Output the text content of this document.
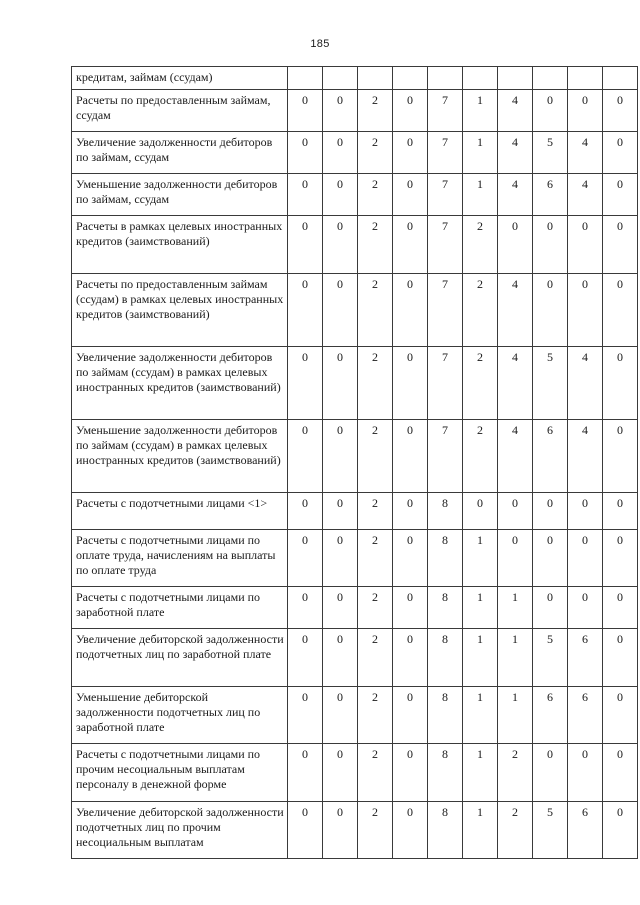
185
кредитам, займам (ссудам)										
Расчеты по предоставленным займам, ссудам	0	0	2	0	7	1	4	0	0	0
Увеличение задолженности дебиторов по займам, ссудам	0	0	2	0	7	1	4	5	4	0
Уменьшение задолженности дебиторов по займам, ссудам	0	0	2	0	7	1	4	6	4	0
Расчеты в рамках целевых иностранных кредитов (заимствований)	0	0	2	0	7	2	0	0	0	0
Расчеты по предоставленным займам (ссудам) в рамках целевых иностранных кредитов (заимствований)	0	0	2	0	7	2	4	0	0	0
Увеличение задолженности дебиторов по займам (ссудам) в рамках целевых иностранных кредитов (заимствований)	0	0	2	0	7	2	4	5	4	0
Уменьшение задолженности дебиторов по займам (ссудам) в рамках целевых иностранных кредитов (заимствований)	0	0	2	0	7	2	4	6	4	0
Расчеты с подотчетными лицами <1>	0	0	2	0	8	0	0	0	0	0
Расчеты с подотчетными лицами по оплате труда, начислениям на выплаты по оплате труда	0	0	2	0	8	1	0	0	0	0
Расчеты с подотчетными лицами по заработной плате	0	0	2	0	8	1	1	0	0	0
Увеличение дебиторской задолженности подотчетных лиц по заработной плате	0	0	2	0	8	1	1	5	6	0
Уменьшение дебиторской задолженности подотчетных лиц по заработной плате	0	0	2	0	8	1	1	6	6	0
Расчеты с подотчетными лицами по прочим несоциальным выплатам персоналу в денежной форме	0	0	2	0	8	1	2	0	0	0
Увеличение дебиторской задолженности подотчетных лиц по прочим несоциальным выплатам	0	0	2	0	8	1	2	5	6	0
